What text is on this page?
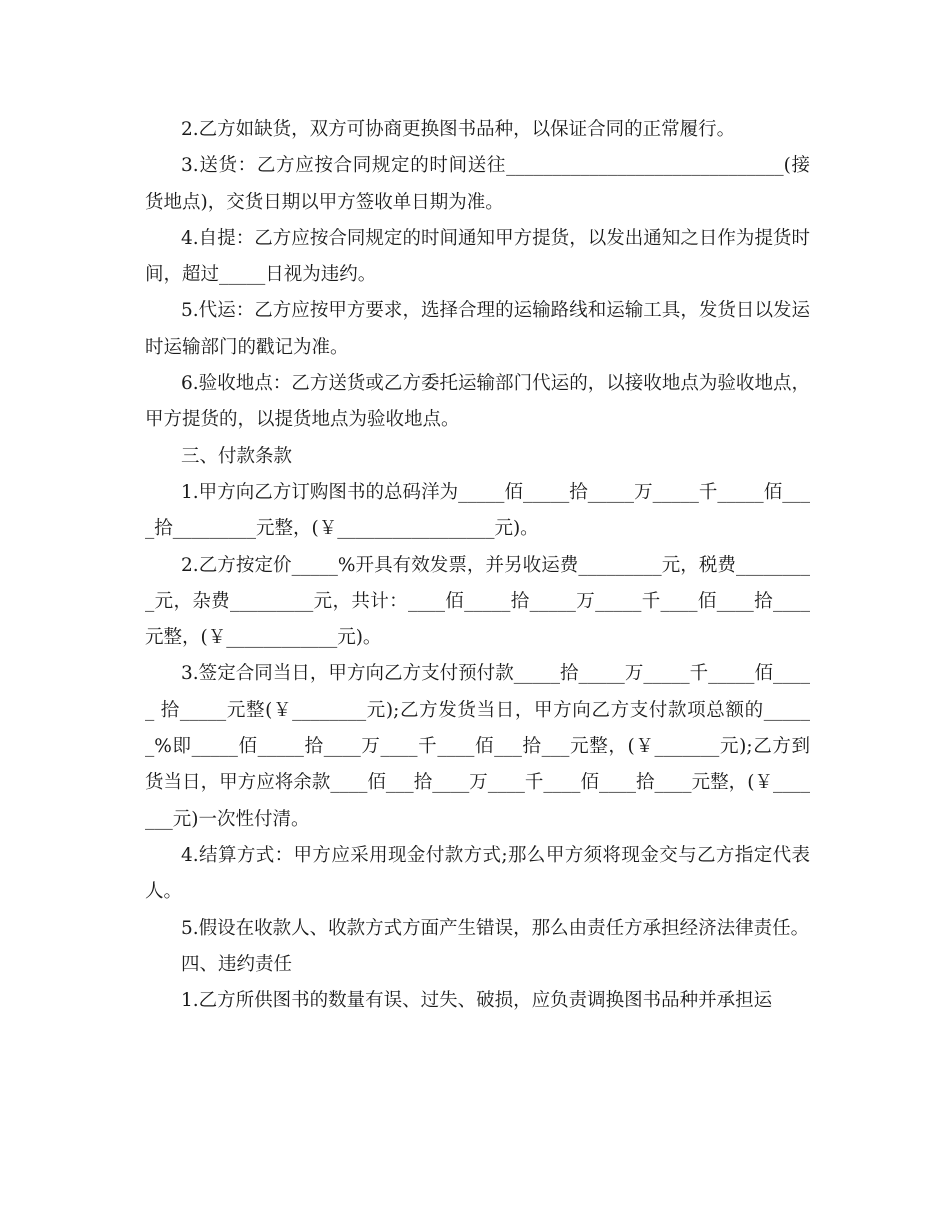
2.乙方如缺货，双方可协商更换图书品种，以保证合同的正常履行。

3.送货：乙方应按合同规定的时间送往______________________________(接货地点)，交货日期以甲方签收单日期为准。

4.自提：乙方应按合同规定的时间通知甲方提货，以发出通知之日作为提货时间，超过_____日视为违约。

5.代运：乙方应按甲方要求，选择合理的运输路线和运输工具，发货日以发运时运输部门的戳记为准。

6.验收地点：乙方送货或乙方委托运输部门代运的，以接收地点为验收地点，甲方提货的，以提货地点为验收地点。

三、付款条款

1.甲方向乙方订购图书的总码洋为_____佰_____拾_____万_____千_____佰____拾_________元整，(￥_________________元)。

2.乙方按定价_____%开具有效发票，并另收运费_________元，税费_________元，杂费_________元，共计：____佰_____拾_____万_____千____佰____拾____元整，(￥____________元)。

3.签定合同当日，甲方向乙方支付预付款_____拾_____万_____千_____佰_____ 拾_____元整(￥________元);乙方发货当日，甲方向乙方支付款项总额的______%即_____佰_____拾____万____千____佰___拾___元整，(￥_______元);乙方到货当日，甲方应将余款____佰___拾____万____千____佰____拾____元整，(￥_______元)一次性付清。

4.结算方式：甲方应采用现金付款方式;那么甲方须将现金交与乙方指定代表人。

5.假设在收款人、收款方式方面产生错误，那么由责任方承担经济法律责任。

四、违约责任

1.乙方所供图书的数量有误、过失、破损，应负责调换图书品种并承担运
